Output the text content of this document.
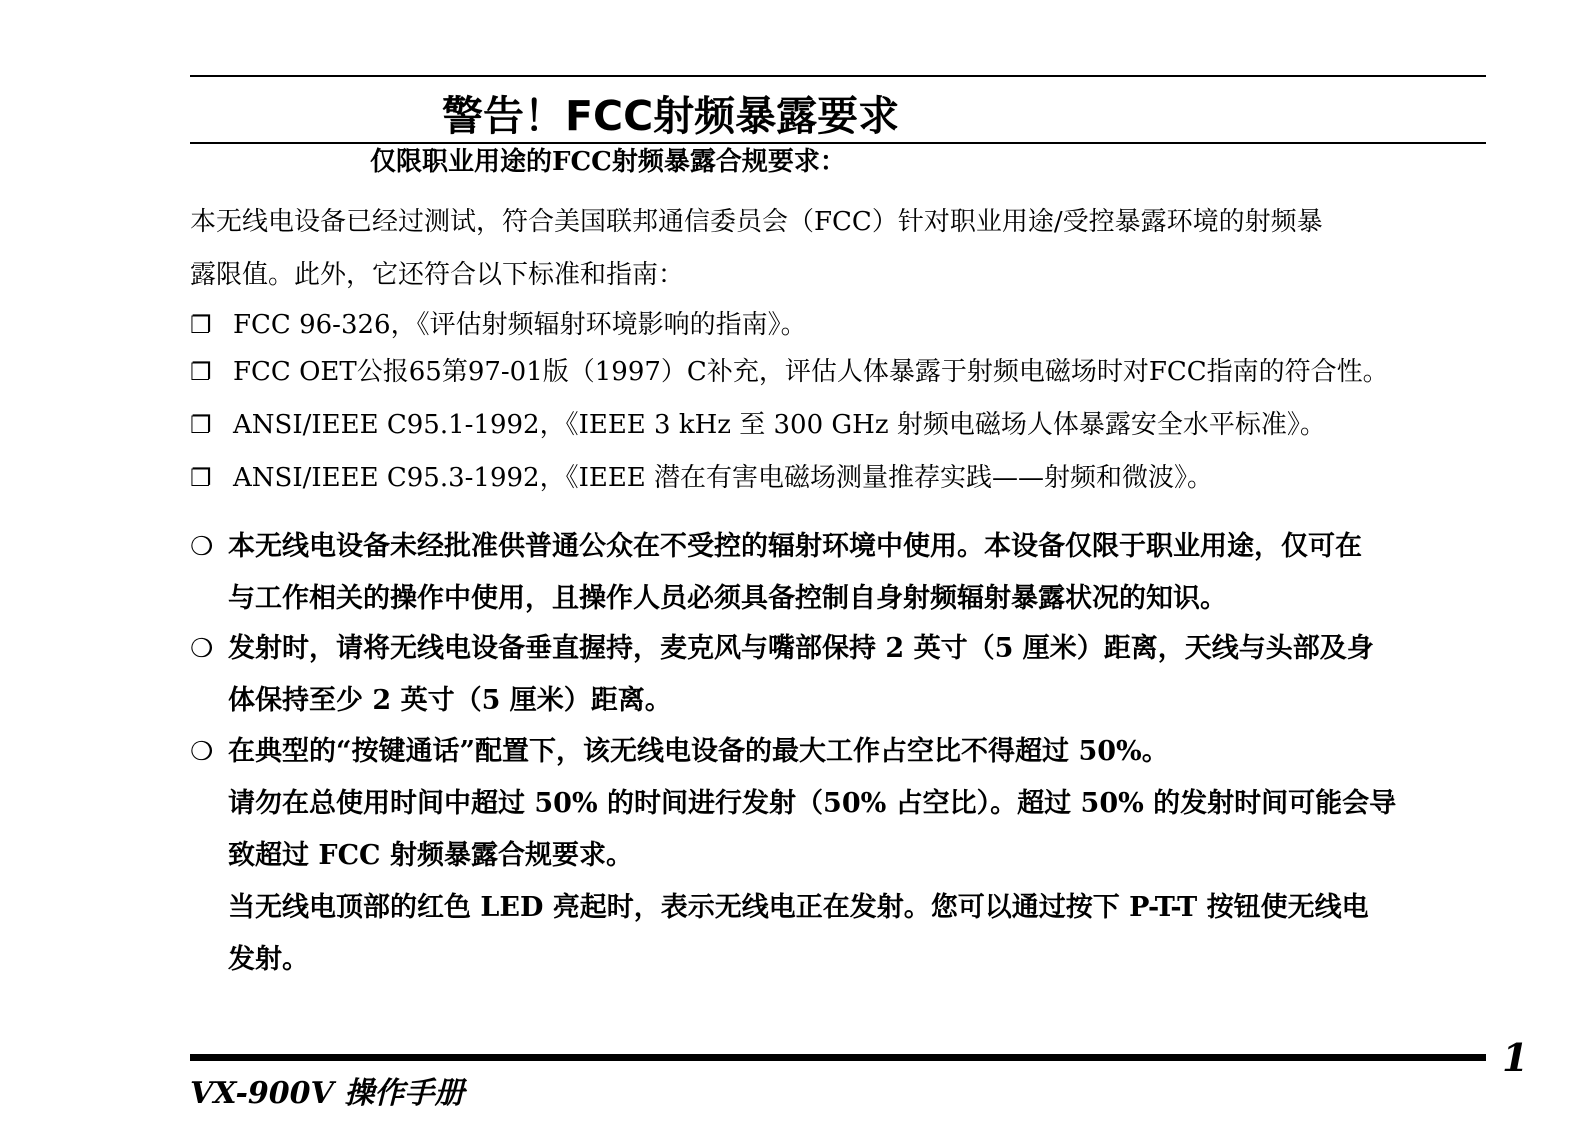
警告！FCC射频暴露要求
仅限职业用途的FCC射频暴露合规要求：
本无线电设备已经过测试，符合美国联邦通信委员会（FCC）针对职业用途/受控暴露环境的射频暴
露限值。此外，它还符合以下标准和指南：
❐ FCC 96-326，《评估射频辐射环境影响的指南》。
❐ FCC OET公报65第97-01版（1997）C补充，评估人体暴露于射频电磁场时对FCC指南的符合性。
❐ ANSI/IEEE C95.1-1992，《IEEE 3 kHz 至 300 GHz 射频电磁场人体暴露安全水平标准》。
❐ ANSI/IEEE C95.3-1992，《IEEE 潜在有害电磁场测量推荐实践——射频和微波》。
❍ 本无线电设备未经批准供普通公众在不受控的辐射环境中使用。本设备仅限于职业用途，仅可在
与工作相关的操作中使用，且操作人员必须具备控制自身射频辐射暴露状况的知识。
❍ 发射时，请将无线电设备垂直握持，麦克风与嘴部保持 2 英寸（5 厘米）距离，天线与头部及身
体保持至少 2 英寸（5 厘米）距离。
❍ 在典型的“按键通话”配置下，该无线电设备的最大工作占空比不得超过 50%。
请勿在总使用时间中超过 50% 的时间进行发射（50% 占空比）。超过 50% 的发射时间可能会导
致超过 FCC 射频暴露合规要求。
当无线电顶部的红色 LED 亮起时，表示无线电正在发射。您可以通过按下 P-T-T 按钮使无线电
发射。
1
VX-900V 操作手册
